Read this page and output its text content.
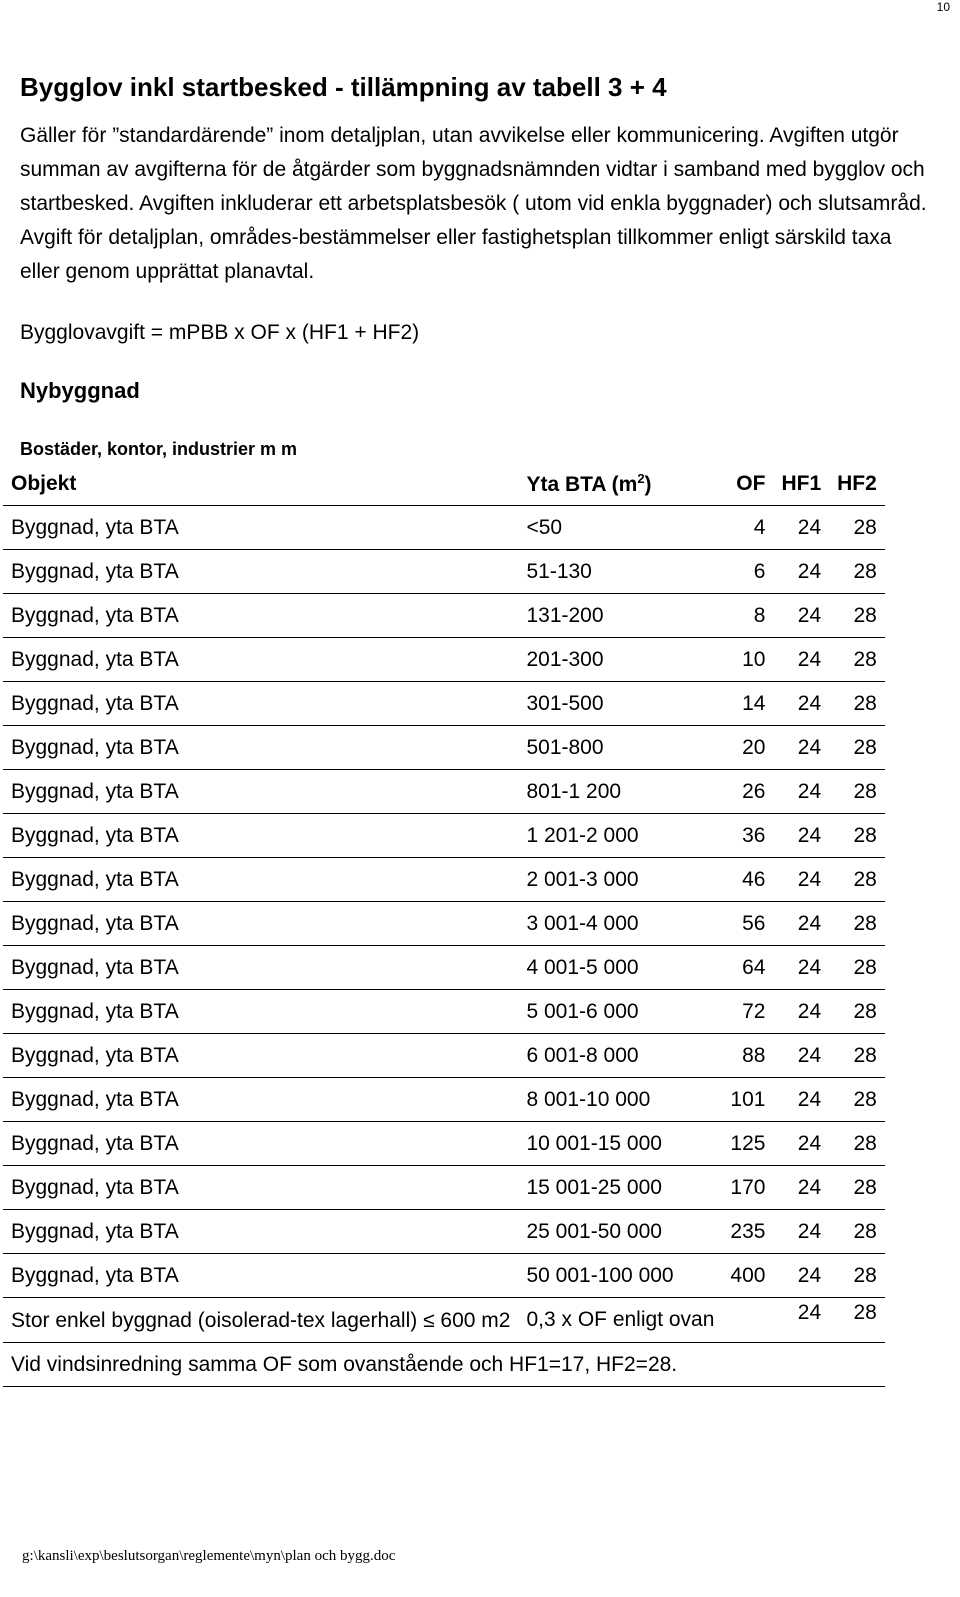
10
Bygglov inkl startbesked - tillämpning av tabell 3 + 4

Gäller för ”standardärende” inom detaljplan, utan avvikelse eller kommunicering. Avgiften utgör summan av avgifterna för de åtgärder som byggnadsnämnden vidtar i samband med bygglov och startbesked. Avgiften inkluderar ett arbetsplatsbesök ( utom vid enkla byggnader) och slutsamråd. Avgift för detaljplan, områdes-bestämmelser eller fastighetsplan tillkommer enligt särskild taxa eller genom upprättat planavtal.

Bygglovavgift = mPBB x OF x (HF1 + HF2)

Nybyggnad
Bostäder, kontor, industrier m m
Objekt	Yta BTA $(m^2)$	OF	HF1	HF2
Byggnad, yta BTA	<50	4	24	28
Byggnad, yta BTA	51-130	6	24	28
Byggnad, yta BTA	131-200	8	24	28
Byggnad, yta BTA	201-300	10	24	28
Byggnad, yta BTA	301-500	14	24	28
Byggnad, yta BTA	501-800	20	24	28
Byggnad, yta BTA	801-1 200	26	24	28
Byggnad, yta BTA	1 201-2 000	36	24	28
Byggnad, yta BTA	2 001-3 000	46	24	28
Byggnad, yta BTA	3 001-4 000	56	24	28
Byggnad, yta BTA	4 001-5 000	64	24	28
Byggnad, yta BTA	5 001-6 000	72	24	28
Byggnad, yta BTA	6 001-8 000	88	24	28
Byggnad, yta BTA	8 001-10 000	101	24	28
Byggnad, yta BTA	10 001-15 000	125	24	28
Byggnad, yta BTA	15 001-25 000	170	24	28
Byggnad, yta BTA	25 001-50 000	235	24	28
Byggnad, yta BTA	50 001-100 000	400	24	28
Stor enkel byggnad (oisolerad-tex lagerhall) ≤ 600 m2	0,3 x OF enligt ovan		24	28
Vid vindsinredning samma OF som ovanstående och HF1=17, HF2=28.				
g:\kansli\exp\beslutsorgan\reglemente\myn\plan och bygg.doc
